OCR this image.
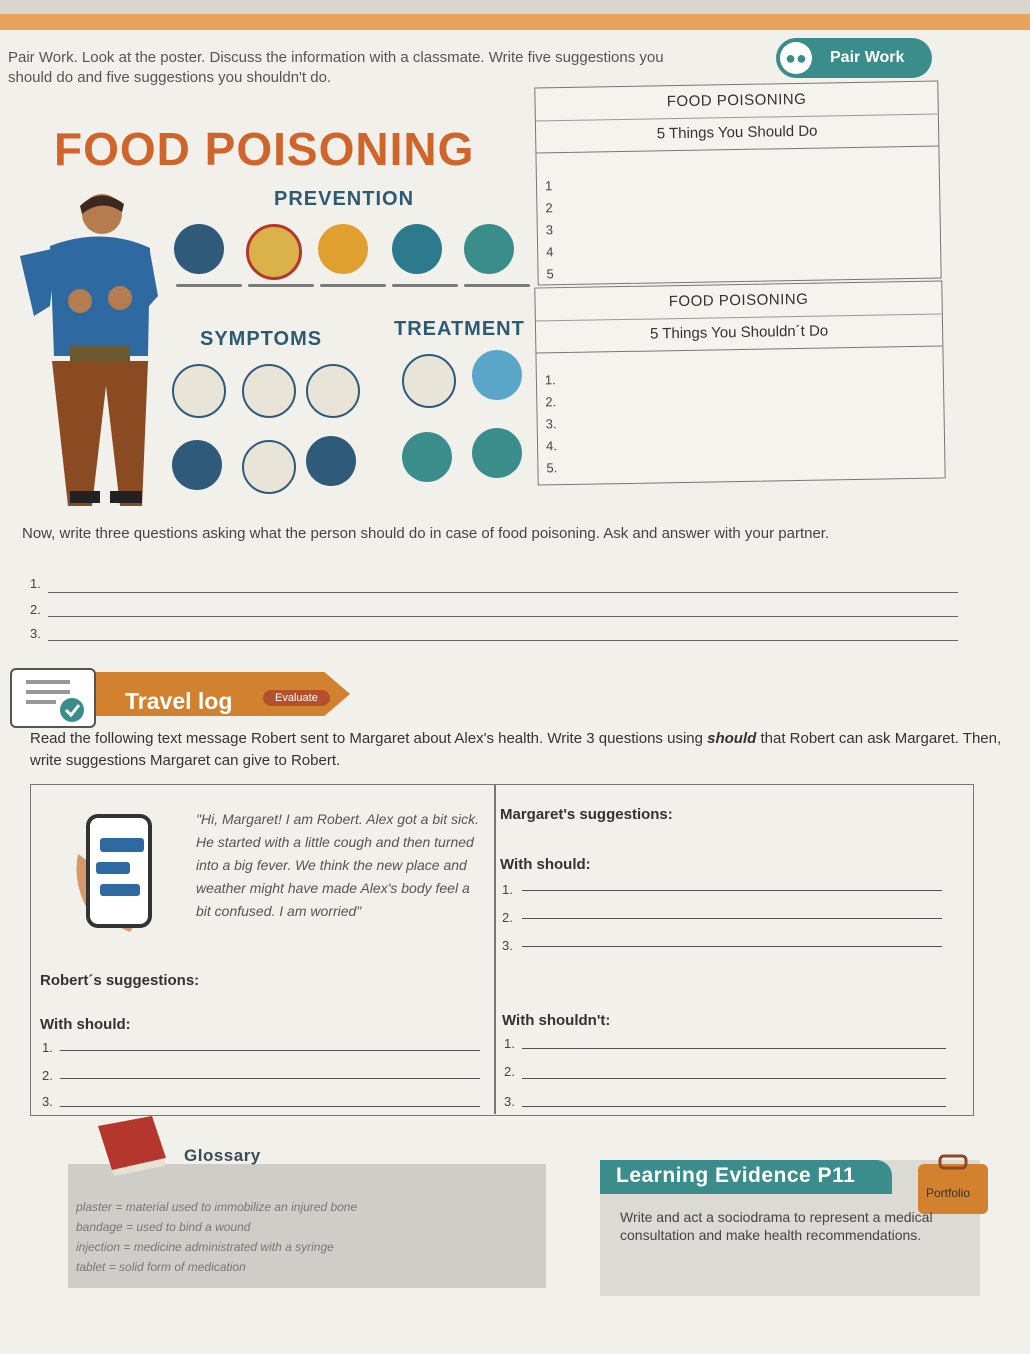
●●	Pair Work
Pair Work. Look at the poster. Discuss the information with a classmate. Write five suggestions you should do and five suggestions you shouldn't do.
FOOD POISONING
PREVENTION
SYMPTOMS	TREATMENT
FOOD POISONING
5 Things You Should Do
1
2
3
4
5
FOOD POISONING
5 Things You Shouldn´t Do
1.
2.
3.
4.
5.
Now, write three questions asking what the person should do in case of food poisoning. Ask and answer with your partner.
1.
2.
3.
Travel log	Evaluate
Read the following text message Robert sent to Margaret about Alex's health. Write 3 questions using should that Robert can ask Margaret. Then, write suggestions Margaret can give to Robert.
"Hi, Margaret! I am Robert. Alex got a bit sick. He started with a little cough and then turned into a big fever. We think the new place and weather might have made Alex's body feel a bit confused. I am worried"
Margaret's suggestions:
With should:
1.
2.
3.
Robert´s suggestions:
With should:
1.
2.
3.
With shouldn't:
1.
2.
3.
Glossary
plaster = material used to immobilize an injured bone
bandage = used to bind a wound
injection = medicine administrated with a syringe
tablet = solid form of medication
Learning Evidence P11
Portfolio
Write and act a sociodrama to represent a medical consultation and make health recommendations.
